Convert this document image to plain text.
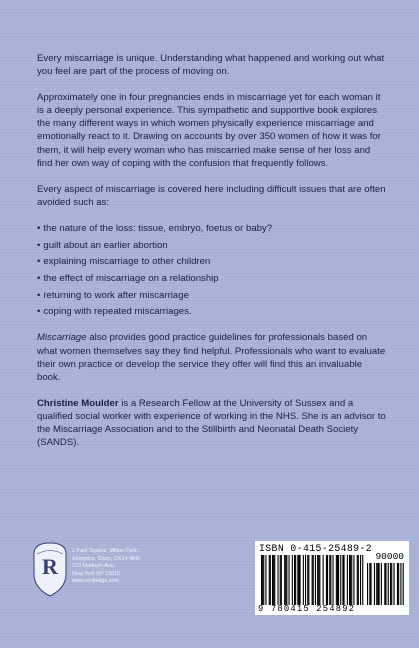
Every miscarriage is unique. Understanding what happened and working out what you feel are part of the process of moving on.

Approximately one in four pregnancies ends in miscarriage yet for each woman it is a deeply personal experience. This sympathetic and supportive book explores the many different ways in which women physically experience miscarriage and emotionally react to it. Drawing on accounts by over 350 women of how it was for them, it will help every woman who has miscarried make sense of her loss and find her own way of coping with the confusion that frequently follows.

Every aspect of miscarriage is covered here including difficult issues that are often avoided such as:

• the nature of the loss: tissue, embryo, foetus or baby?
• guilt about an earlier abortion
• explaining miscarriage to other children
• the effect of miscarriage on a relationship
• returning to work after miscarriage
• coping with repeated miscarriages.

Miscarriage also provides good practice guidelines for professionals based on what women themselves say they find helpful. Professionals who want to evaluate their own practice or develop the service they offer will find this an invaluable book.

Christine Moulder is a Research Fellow at the University of Sussex and a qualified social worker with experience of working in the NHS. She is an advisor to the Miscarriage Association and to the Stillbirth and Neonatal Death Society (SANDS).

R
2 Park Square, Milton Park,
Abingdon, Oxon, OX14 4RN
270 Madison Ave,
New York NY 10016
www.routledge.com
ISBN 0-415-25489-2
90000
9 780415 254892
